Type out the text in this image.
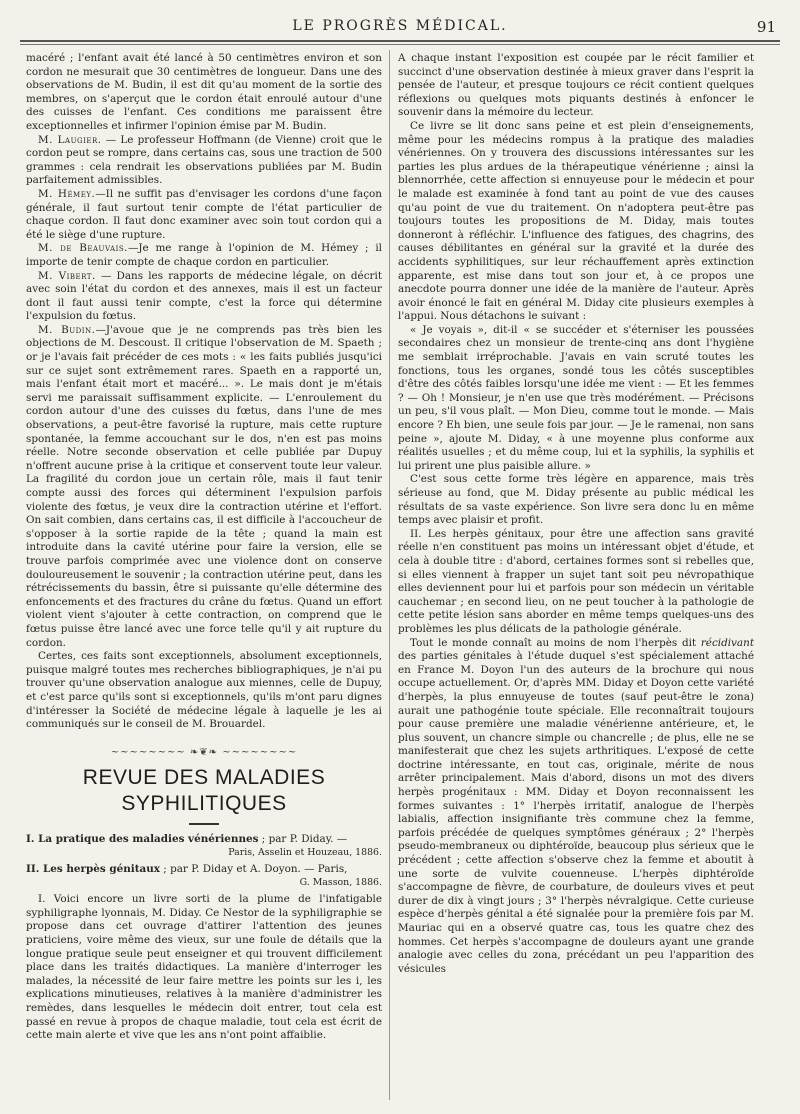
LE PROGRÈS MÉDICAL.	91

macéré ; l'enfant avait été lancé à 50 centimètres environ et son cordon ne mesurait que 30 centimètres de longueur. Dans une des observations de M. Budin, il est dit qu'au moment de la sortie des membres, on s'aperçut que le cordon était enroulé autour d'une des cuisses de l'enfant. Ces conditions me paraissent être exceptionnelles et infirmer l'opinion émise par M. Budin.

M. Laugier. — Le professeur Hoffmann (de Vienne) croit que le cordon peut se rompre, dans certains cas, sous une traction de 500 grammes : cela rendrait les observations publiées par M. Budin parfaitement admissibles.

M. Hémey.—Il ne suffit pas d'envisager les cordons d'une façon générale, il faut surtout tenir compte de l'état particulier de chaque cordon. Il faut donc examiner avec soin tout cordon qui a été le siège d'une rupture.

M. de Beauvais.—Je me range à l'opinion de M. Hémey ; il importe de tenir compte de chaque cordon en particulier.

M. Vibert. — Dans les rapports de médecine légale, on décrit avec soin l'état du cordon et des annexes, mais il est un facteur dont il faut aussi tenir compte, c'est la force qui détermine l'expulsion du fœtus.

M. Budin.—J'avoue que je ne comprends pas très bien les objections de M. Descoust. Il critique l'observation de M. Spaeth ; or je l'avais fait précéder de ces mots : « les faits publiés jusqu'ici sur ce sujet sont extrêmement rares. Spaeth en a rapporté un, mais l'enfant était mort et macéré... ». Le mais dont je m'étais servi me paraissait suffisamment explicite. — L'enroulement du cordon autour d'une des cuisses du fœtus, dans l'une de mes observations, a peut-être favorisé la rupture, mais cette rupture spontanée, la femme accouchant sur le dos, n'en est pas moins réelle. Notre seconde observation et celle publiée par Dupuy n'offrent aucune prise à la critique et conservent toute leur valeur. La fragilité du cordon joue un certain rôle, mais il faut tenir compte aussi des forces qui déterminent l'expulsion parfois violente des fœtus, je veux dire la contraction utérine et l'effort. On sait combien, dans certains cas, il est difficile à l'accoucheur de s'opposer à la sortie rapide de la tête ; quand la main est introduite dans la cavité utérine pour faire la version, elle se trouve parfois comprimée avec une violence dont on conserve douloureusement le souvenir ; la contraction utérine peut, dans les rétrécissements du bassin, être si puissante qu'elle détermine des enfoncements et des fractures du crâne du fœtus. Quand un effort violent vient s'ajouter à cette contraction, on comprend que le fœtus puisse être lancé avec une force telle qu'il y ait rupture du cordon.

Certes, ces faits sont exceptionnels, absolument exceptionnels, puisque malgré toutes mes recherches bibliographiques, je n'ai pu trouver qu'une observation analogue aux miennes, celle de Dupuy, et c'est parce qu'ils sont si exceptionnels, qu'ils m'ont paru dignes d'intéresser la Société de médecine légale à laquelle je les ai communiqués sur le conseil de M. Brouardel.

~~~~~~~~ ❧❦❧ ~~~~~~~~
REVUE DES MALADIES SYPHILITIQUES

I. La pratique des maladies vénériennes ; par P. Diday. —
Paris, Asselin et Houzeau, 1886.

II. Les herpès génitaux ; par P. Diday et A. Doyon. — Paris,
G. Masson, 1886.

I. Voici encore un livre sorti de la plume de l'infatigable syphiligraphe lyonnais, M. Diday. Ce Nestor de la syphiligraphie se propose dans cet ouvrage d'attirer l'attention des jeunes praticiens, voire même des vieux, sur une foule de détails que la longue pratique seule peut enseigner et qui trouvent difficilement place dans les traités didactiques. La manière d'interroger les malades, la nécessité de leur faire mettre les points sur les i, les explications minutieuses, relatives à la manière d'administrer les remèdes, dans lesquelles le médecin doit entrer, tout cela est passé en revue à propos de chaque maladie, tout cela est écrit de cette main alerte et vive que les ans n'ont point affaiblie.

A chaque instant l'exposition est coupée par le récit familier et succinct d'une observation destinée à mieux graver dans l'esprit la pensée de l'auteur, et presque toujours ce récit contient quelques réflexions ou quelques mots piquants destinés à enfoncer le souvenir dans la mémoire du lecteur.

Ce livre se lit donc sans peine et est plein d'enseignements, même pour les médecins rompus à la pratique des maladies vénériennes. On y trouvera des discussions intéressantes sur les parties les plus ardues de la thérapeutique vénérienne ; ainsi la blennorrhée, cette affection si ennuyeuse pour le médecin et pour le malade est examinée à fond tant au point de vue des causes qu'au point de vue du traitement. On n'adoptera peut-être pas toujours toutes les propositions de M. Diday, mais toutes donneront à réfléchir. L'influence des fatigues, des chagrins, des causes débilitantes en général sur la gravité et la durée des accidents syphilitiques, sur leur réchauffement après extinction apparente, est mise dans tout son jour et, à ce propos une anecdote pourra donner une idée de la manière de l'auteur. Après avoir énoncé le fait en général M. Diday cite plusieurs exemples à l'appui. Nous détachons le suivant :

« Je voyais », dit-il « se succéder et s'éterniser les poussées secondaires chez un monsieur de trente-cinq ans dont l'hygiène me semblait irréprochable. J'avais en vain scruté toutes les fonctions, tous les organes, sondé tous les côtés susceptibles d'être des côtés faibles lorsqu'une idée me vient : — Et les femmes ? — Oh ! Monsieur, je n'en use que très modérément. — Précisons un peu, s'il vous plaît. — Mon Dieu, comme tout le monde. — Mais encore ? Eh bien, une seule fois par jour. — Je le ramenai, non sans peine », ajoute M. Diday, « à une moyenne plus conforme aux réalités usuelles ; et du même coup, lui et la syphilis, la syphilis et lui prirent une plus paisible allure. »

C'est sous cette forme très légère en apparence, mais très sérieuse au fond, que M. Diday présente au public médical les résultats de sa vaste expérience. Son livre sera donc lu en même temps avec plaisir et profit.

II. Les herpès génitaux, pour être une affection sans gravité réelle n'en constituent pas moins un intéressant objet d'étude, et cela à double titre : d'abord, certaines formes sont si rebelles que, si elles viennent à frapper un sujet tant soit peu névropathique elles deviennent pour lui et parfois pour son médecin un véritable cauchemar ; en second lieu, on ne peut toucher à la pathologie de cette petite lésion sans aborder en même temps quelques-uns des problèmes les plus délicats de la pathologie générale.

Tout le monde connaît au moins de nom l'herpès dit récidivant des parties génitales à l'étude duquel s'est spécialement attaché en France M. Doyon l'un des auteurs de la brochure qui nous occupe actuellement. Or, d'après MM. Diday et Doyon cette variété d'herpès, la plus ennuyeuse de toutes (sauf peut-être le zona) aurait une pathogénie toute spéciale. Elle reconnaîtrait toujours pour cause première une maladie vénérienne antérieure, et, le plus souvent, un chancre simple ou chancrelle ; de plus, elle ne se manifesterait que chez les sujets arthritiques. L'exposé de cette doctrine intéressante, en tout cas, originale, mérite de nous arrêter principalement. Mais d'abord, disons un mot des divers herpès progénitaux : MM. Diday et Doyon reconnaissent les formes suivantes : 1° l'herpès irritatif, analogue de l'herpès labialis, affection insignifiante très commune chez la femme, parfois précédée de quelques symptômes généraux ; 2° l'herpès pseudo-membraneux ou diphtéroïde, beaucoup plus sérieux que le précédent ; cette affection s'observe chez la femme et aboutit à une sorte de vulvite couenneuse. L'herpès diphtéroïde s'accompagne de fièvre, de courbature, de douleurs vives et peut durer de dix à vingt jours ; 3° l'herpès névralgique. Cette curieuse espèce d'herpès génital a été signalée pour la première fois par M. Mauriac qui en a observé quatre cas, tous les quatre chez des hommes. Cet herpès s'accompagne de douleurs ayant une grande analogie avec celles du zona, précédant un peu l'apparition des vésicules
